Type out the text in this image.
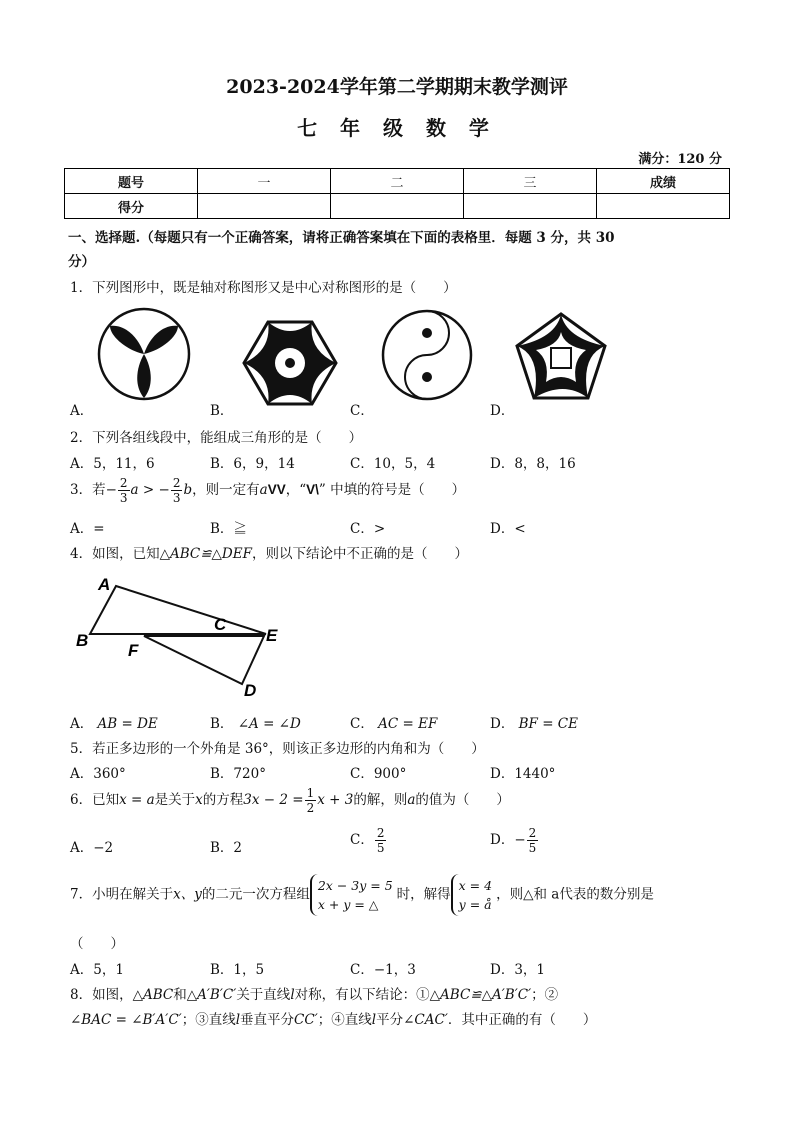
2023-2024学年第二学期期末教学测评
七 年 级 数 学
满分：120 分
题号	一	二	三	成绩
得分				
一、选择题.（每题只有一个正确答案，请将正确答案填在下面的表格里．每题 3 分，共 30
分）
1．下列图形中，既是轴对称图形又是中心对称图形的是（　　）
A．	B．	C．	D．
2．下列各组线段中，能组成三角形的是（　　）
A．5，11，6	B．6，9，14	C．10，5，4	D．8，8，16
3．若− $\frac{2}{3}$ a > − $\frac{2}{3}$ b，则一定有aVV，“V\” 中填的符号是（　　）
A．=	B．≧	C．>	D．<
4．如图，已知△ABC≌△DEF，则以下结论中不正确的是（　　）
A
B
C
E
F
D
A． AB = DE	B． ∠A = ∠D	C． AC = EF	D． BF = CE
5．若正多边形的一个外角是 36°，则该正多边形的内角和为（　　）
A．360°	B．720°	C．900°	D．1440°
6．已知x = a是关于x的方程$3x - 2 = \frac{1}{2}$ x + 3的解，则a的值为（　　）
A．−2	B．2	C． $\frac{2}{5}$	D．− $\frac{2}{5}$
7．小明在解关于x、y的二元一次方程组
2x − 3y = 5
x + y = △
时，解得
x = 4
y = å
，则△和 a代表的数分别是
（　　）
A．5，1	B．1，5	C．−1，3	D．3，1
8．如图，△ABC和△A′B′C′关于直线l对称，有以下结论：①△ABC≌△A′B′C′；②
∠BAC = ∠B′A′C′；③直线l垂直平分CC′；④直线l平分∠CAC′．其中正确的有（　　）
